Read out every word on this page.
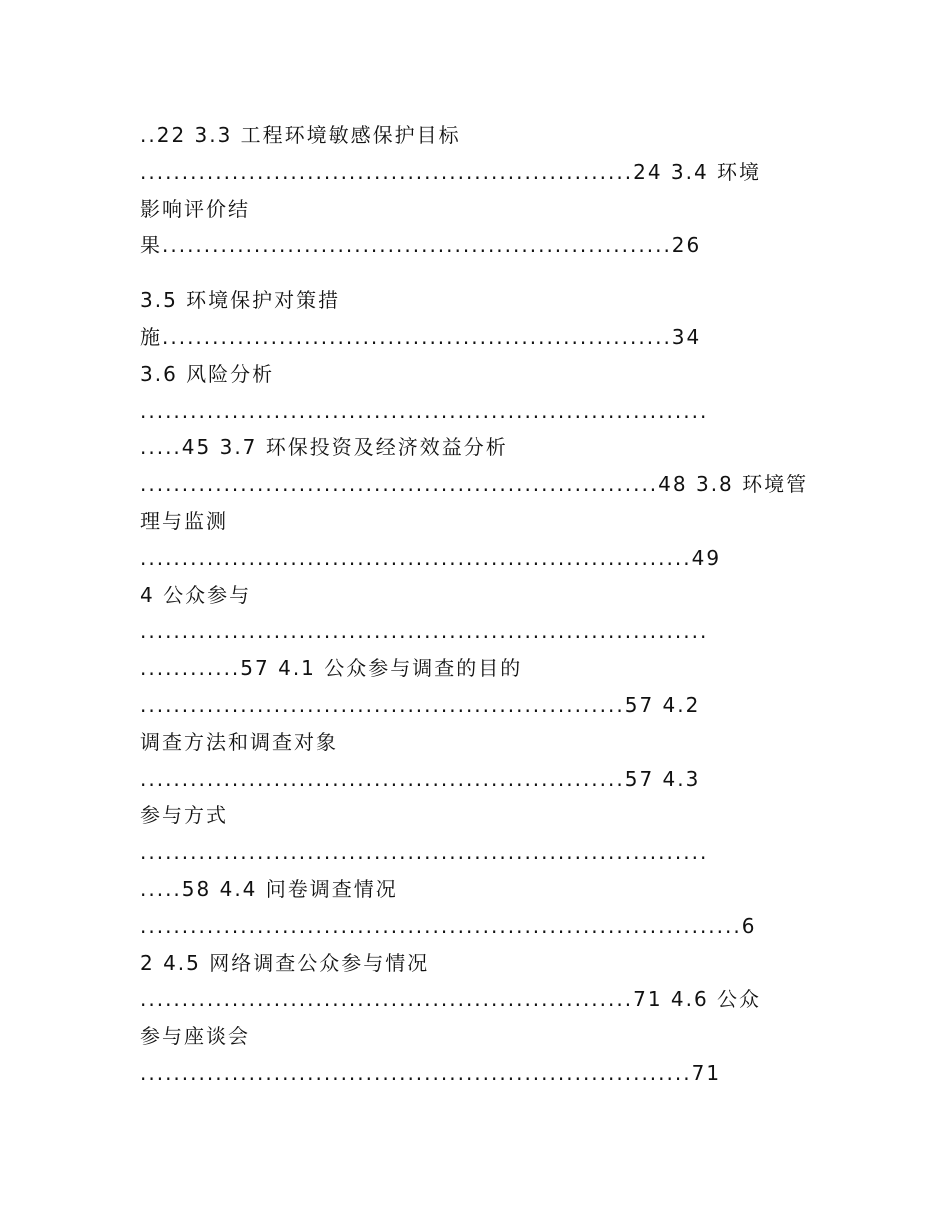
..22 3.3 工程环境敏感保护目标
...........................................................24 3.4 环境
影响评价结
果.............................................................26
3.5 环境保护对策措
施.............................................................34
3.6 风险分析
....................................................................
.....45 3.7 环保投资及经济效益分析
..............................................................48 3.8 环境管
理与监测
..................................................................49
4 公众参与
....................................................................
............57 4.1 公众参与调查的目的
..........................................................57 4.2
调查方法和调查对象
..........................................................57 4.3
参与方式
....................................................................
.....58 4.4 问卷调查情况
........................................................................6
2 4.5 网络调查公众参与情况
...........................................................71 4.6 公众
参与座谈会
..................................................................71
